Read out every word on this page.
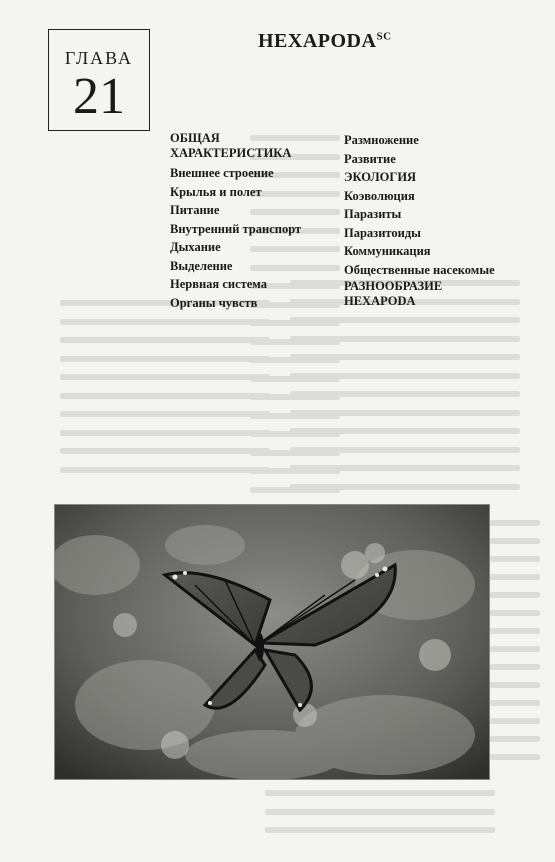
ГЛАВА
21
$HEXAPODA^{SC}$
ОБЩАЯ ХАРАКТЕРИСТИКА
Внешнее строение
Крылья и полет
Питание
Внутренний транспорт
Дыхание
Выделение
Нервная система
Органы чувств
Размножение
Развитие
ЭКОЛОГИЯ
Коэволюция
Паразиты
Паразитоиды
Коммуникация
Общественные насекомые
РАЗНООБРАЗИЕ HEXAPODA
